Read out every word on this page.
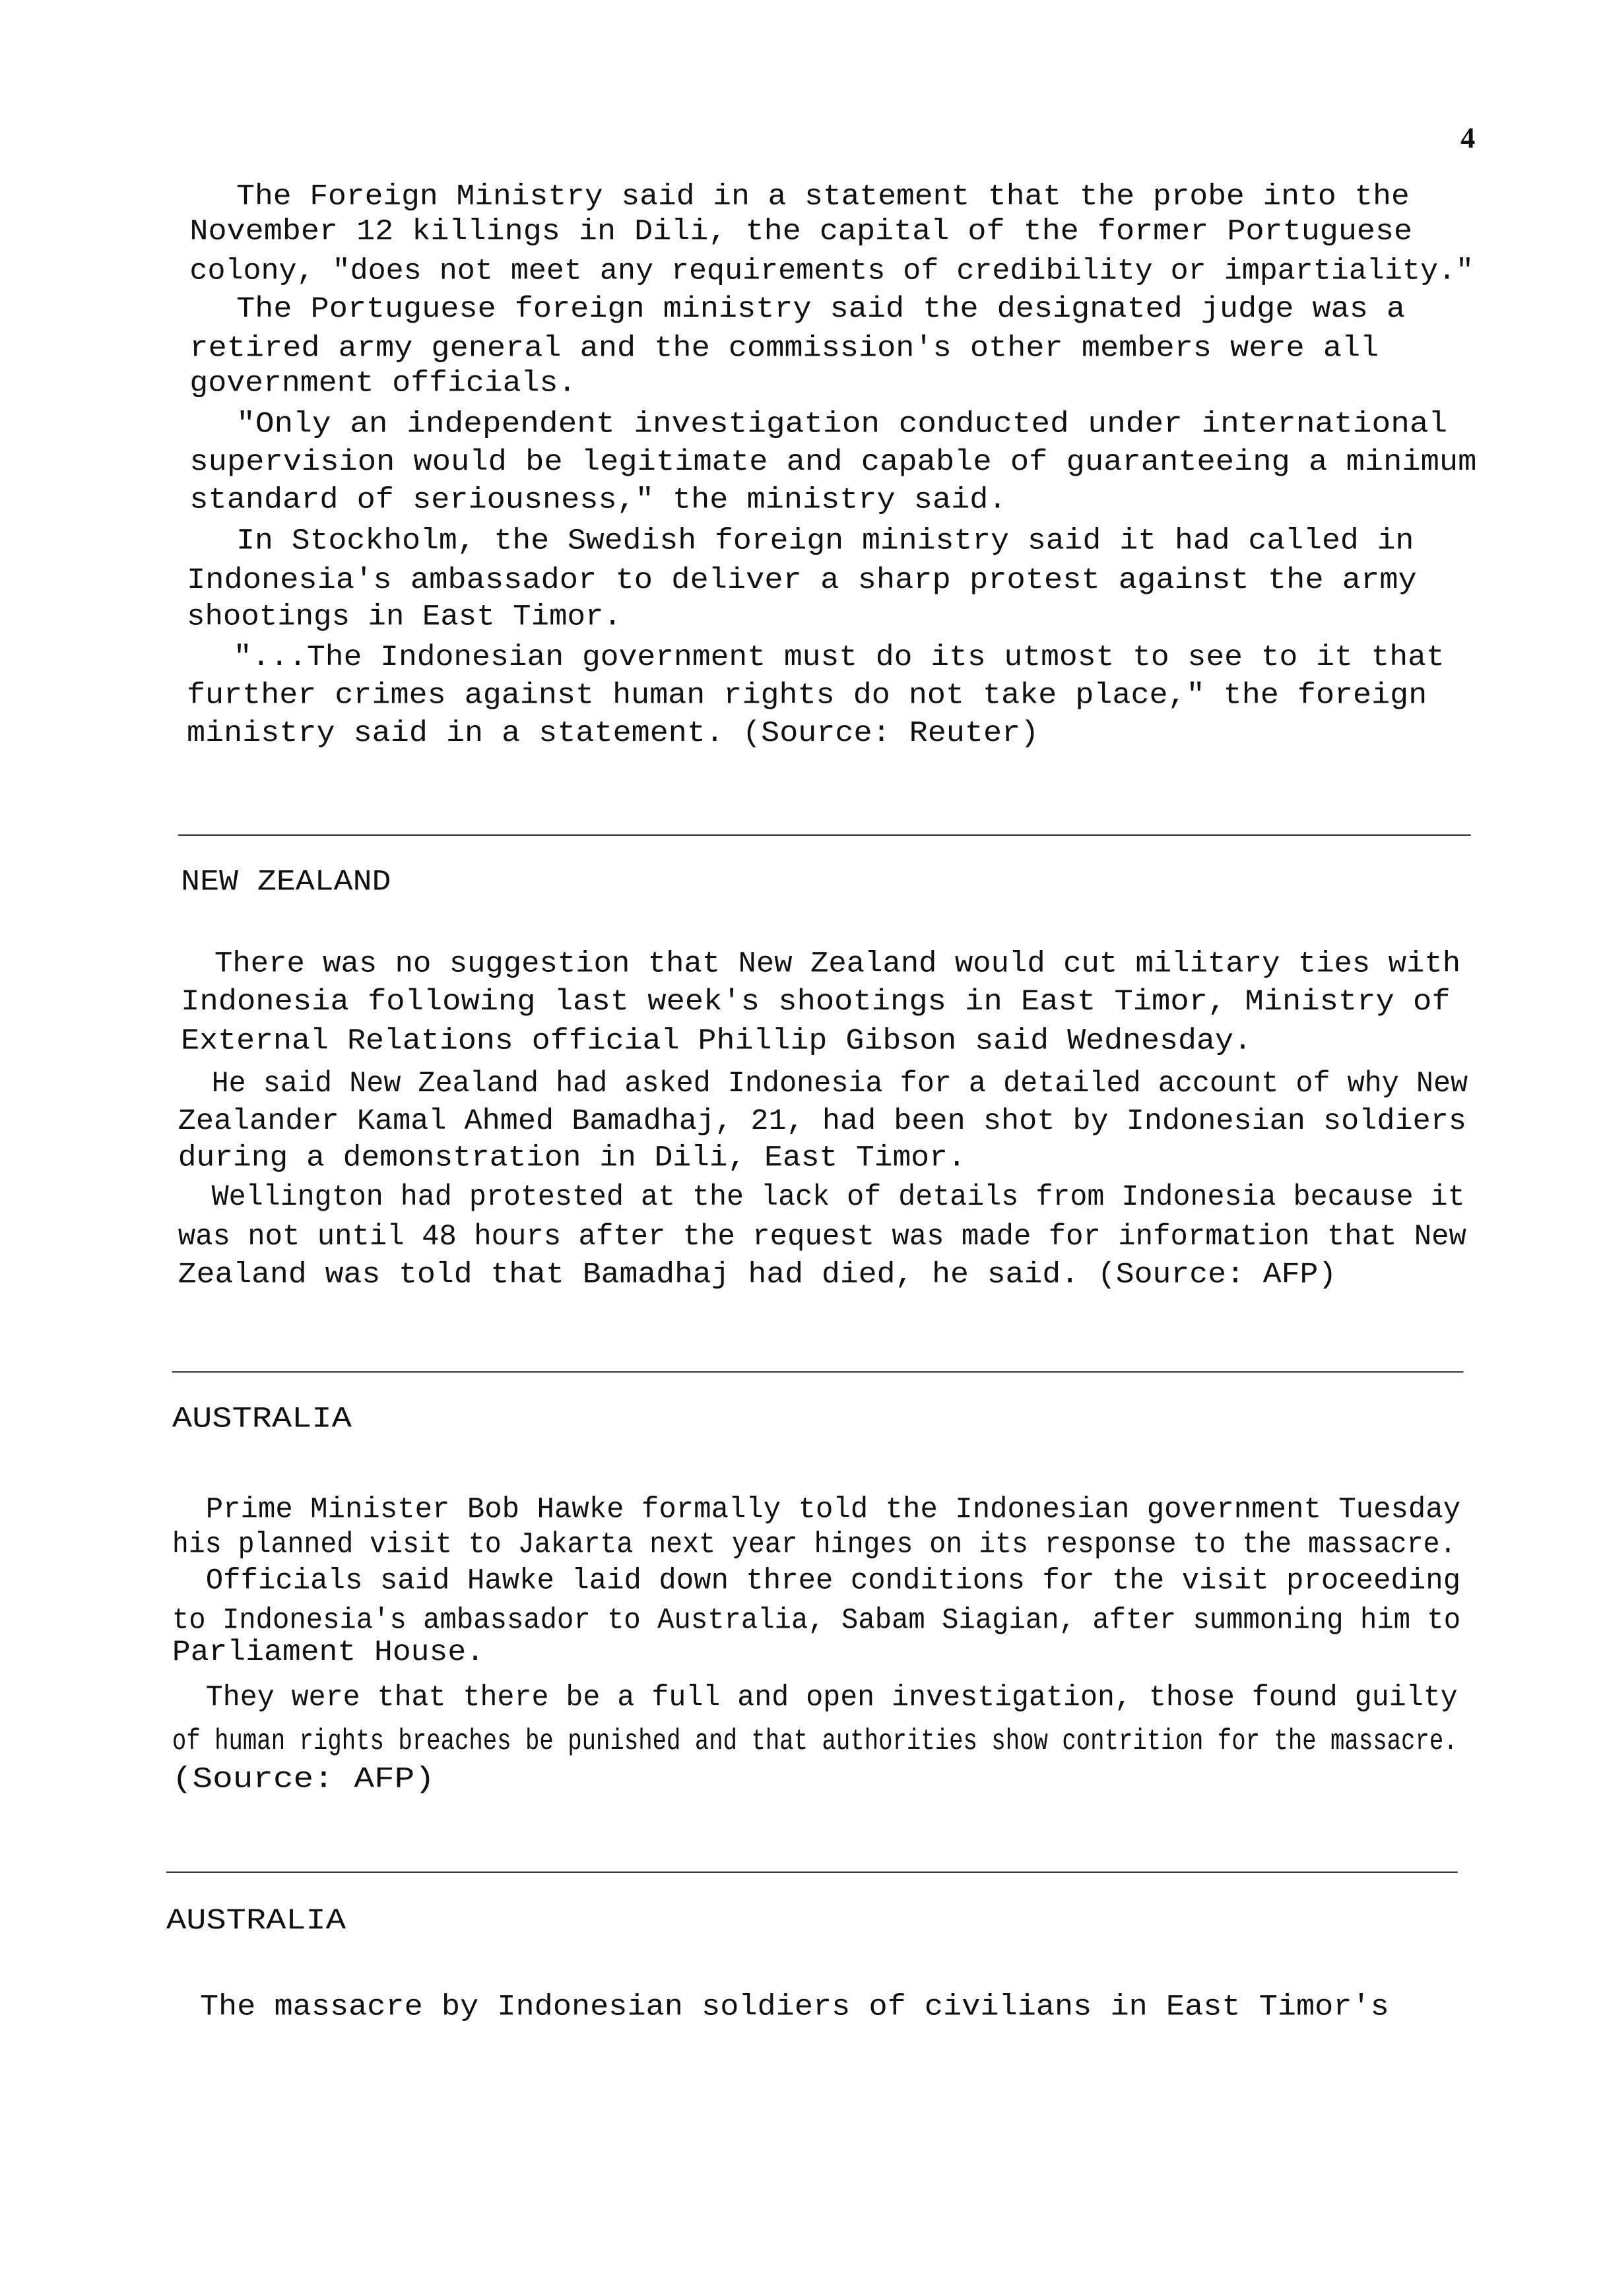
4
The Foreign Ministry said in a statement that the probe into the
November 12 killings in Dili, the capital of the former Portuguese
colony, "does not meet any requirements of credibility or impartiality."
The Portuguese foreign ministry said the designated judge was a
retired army general and the commission's other members were all
government officials.
"Only an independent investigation conducted under international
supervision would be legitimate and capable of guaranteeing a minimum
standard of seriousness," the ministry said.
In Stockholm, the Swedish foreign ministry said it had called in
Indonesia's ambassador to deliver a sharp protest against the army
shootings in East Timor.
"...The Indonesian government must do its utmost to see to it that
further crimes against human rights do not take place," the foreign
ministry said in a statement. (Source: Reuter)
NEW ZEALAND
There was no suggestion that New Zealand would cut military ties with
Indonesia following last week's shootings in East Timor, Ministry of
External Relations official Phillip Gibson said Wednesday.
He said New Zealand had asked Indonesia for a detailed account of why New
Zealander Kamal Ahmed Bamadhaj, 21, had been shot by Indonesian soldiers
during a demonstration in Dili, East Timor.
Wellington had protested at the lack of details from Indonesia because it
was not until 48 hours after the request was made for information that New
Zealand was told that Bamadhaj had died, he said. (Source: AFP)
AUSTRALIA
Prime Minister Bob Hawke formally told the Indonesian government Tuesday
his planned visit to Jakarta next year hinges on its response to the massacre.
Officials said Hawke laid down three conditions for the visit proceeding
to Indonesia's ambassador to Australia, Sabam Siagian, after summoning him to
Parliament House.
They were that there be a full and open investigation, those found guilty
of human rights breaches be punished and that authorities show contrition for the massacre.
(Source: AFP)
AUSTRALIA
The massacre by Indonesian soldiers of civilians in East Timor's
